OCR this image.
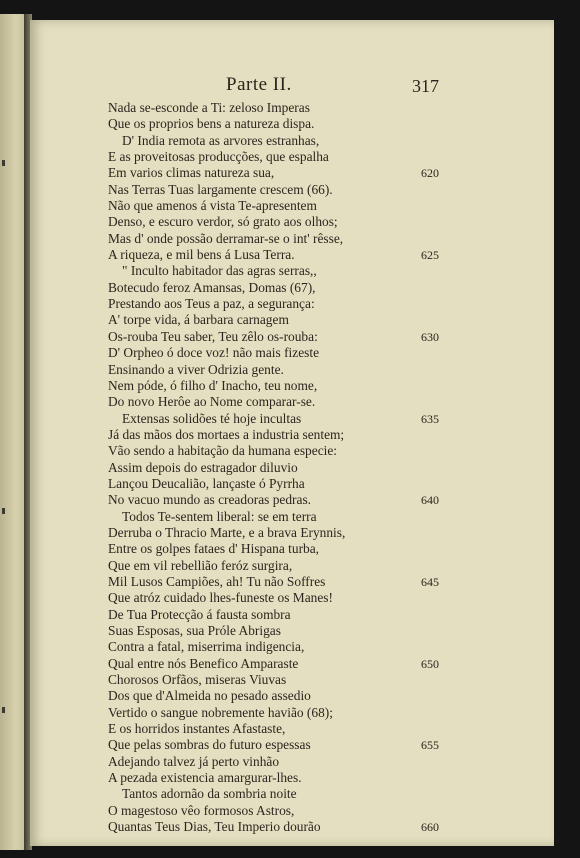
Parte II.	317
Nada se-esconde a Ti: zeloso Imperas
Que os proprios bens a natureza dispa.
D' India remota as arvores estranhas,
E as proveitosas producções, que espalha
Em varios climas natureza sua,	620
Nas Terras Tuas largamente crescem (66).
Não que amenos á vista Te-apresentem
Denso, e escuro verdor, só grato aos olhos;
Mas d' onde possão derramar-se o int' rêsse,
A riqueza, e mil bens á Lusa Terra.	625
" Inculto habitador das agras serras,,
Botecudo feroz Amansas, Domas (67),
Prestando aos Teus a paz, a segurança:
A' torpe vida, á barbara carnagem
Os-rouba Teu saber, Teu zêlo os-rouba:	630
D' Orpheo ó doce voz! não mais fizeste
Ensinando a viver Odrizia gente.
Nem póde, ó filho d' Inacho, teu nome,
Do novo Herôe ao Nome comparar-se.
Extensas solidões té hoje incultas	635
Já das mãos dos mortaes a industria sentem;
Vão sendo a habitação da humana especie:
Assim depois do estragador diluvio
Lançou Deucalião, lançaste ó Pyrrha
No vacuo mundo as creadoras pedras.	640
Todos Te-sentem liberal: se em terra
Derruba o Thracio Marte, e a brava Erynnis,
Entre os golpes fataes d' Hispana turba,
Que em vil rebellião feróz surgira,
Mil Lusos Campiões, ah! Tu não Soffres	645
Que atróz cuidado lhes-funeste os Manes!
De Tua Protecção á fausta sombra
Suas Esposas, sua Próle Abrigas
Contra a fatal, miserrima indigencia,
Qual entre nós Benefico Amparaste	650
Chorosos Orfãos, miseras Viuvas
Dos que d'Almeida no pesado assedio
Vertido o sangue nobremente havião (68);
E os horridos instantes Afastaste,
Que pelas sombras do futuro espessas	655
Adejando talvez já perto vinhão
A pezada existencia amargurar-lhes.
Tantos adornão da sombria noite
O magestoso vêo formosos Astros,
Quantas Teus Dias, Teu Imperio dourão	660
